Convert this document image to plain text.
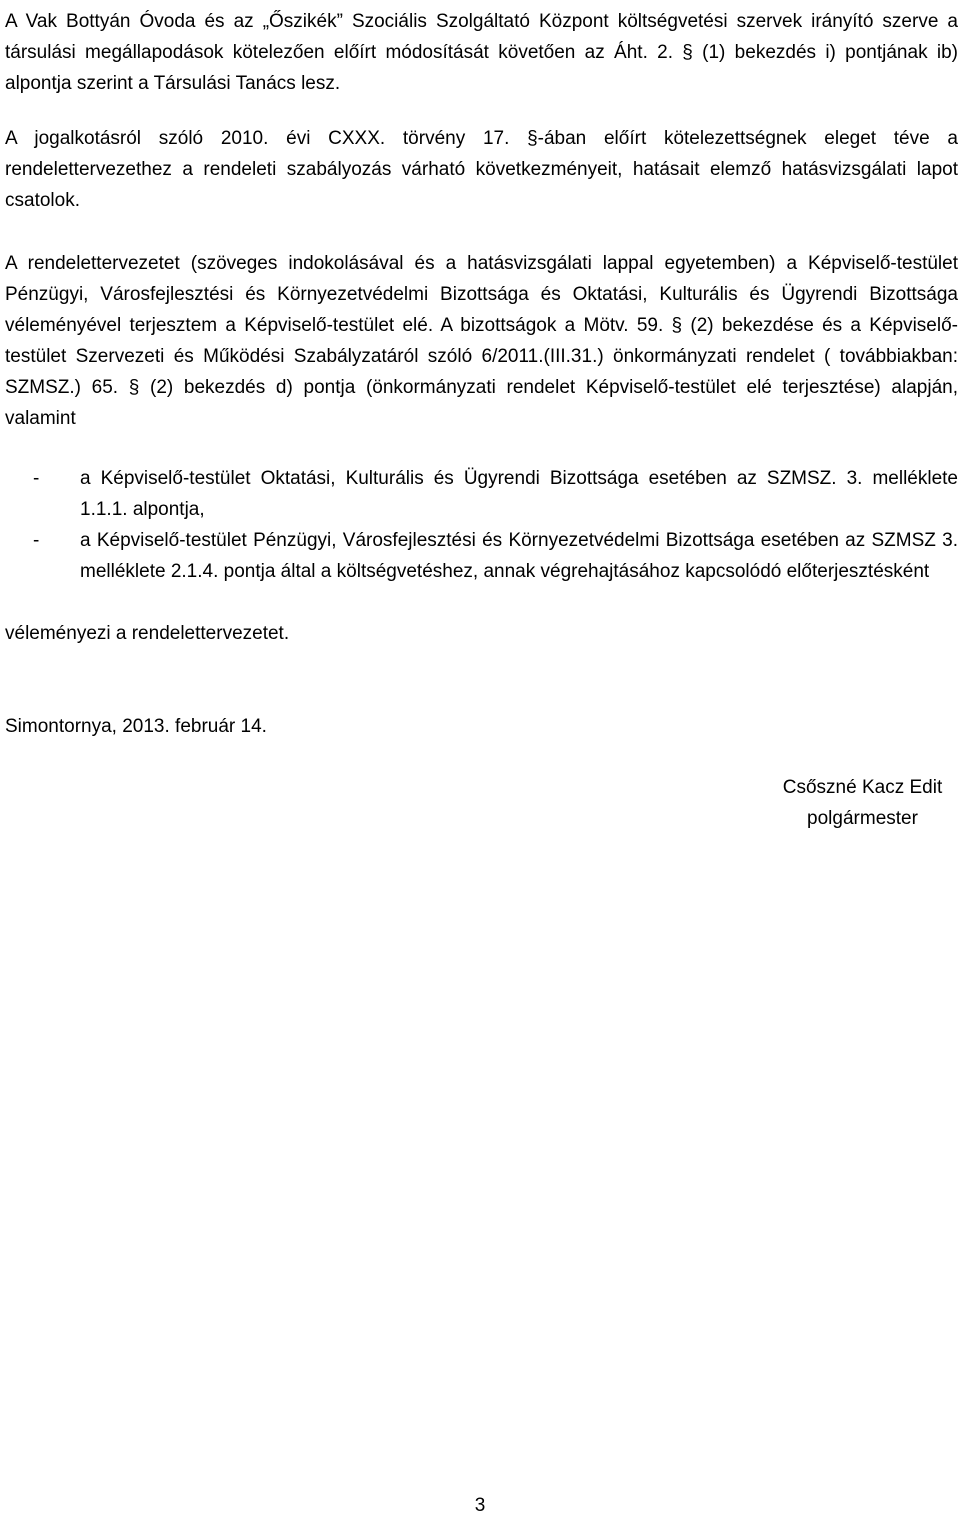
A Vak Bottyán Óvoda és az „Őszikék” Szociális Szolgáltató Központ költségvetési szervek irányító szerve a társulási megállapodások kötelezően előírt módosítását követően az Áht. 2. § (1) bekezdés i) pontjának ib) alpontja szerint a Társulási Tanács lesz.

A jogalkotásról szóló 2010. évi CXXX. törvény 17. §-ában előírt kötelezettségnek eleget téve a rendelettervezethez a rendeleti szabályozás várható következményeit, hatásait elemző hatásvizsgálati lapot csatolok.

A rendelettervezetet (szöveges indokolásával és a hatásvizsgálati lappal egyetemben) a Képviselő-testület Pénzügyi, Városfejlesztési és Környezetvédelmi Bizottsága és Oktatási, Kulturális és Ügyrendi Bizottsága véleményével terjesztem a Képviselő-testület elé. A bizottságok a Mötv. 59. § (2) bekezdése és a Képviselő-testület Szervezeti és Működési Szabályzatáról szóló 6/2011.(III.31.) önkormányzati rendelet ( továbbiakban: SZMSZ.) 65. § (2) bekezdés d) pontja (önkormányzati rendelet Képviselő-testület elé terjesztése) alapján, valamint

-	a Képviselő-testület Oktatási, Kulturális és Ügyrendi Bizottsága esetében az SZMSZ. 3. melléklete 1.1.1. alpontja,
-	a Képviselő-testület Pénzügyi, Városfejlesztési és Környezetvédelmi Bizottsága esetében az SZMSZ 3. melléklete 2.1.4. pontja által a költségvetéshez, annak végrehajtásához kapcsolódó előterjesztésként

véleményezi a rendelettervezetet.

Simontornya, 2013. február 14.
Csőszné Kacz Edit
polgármester
3
